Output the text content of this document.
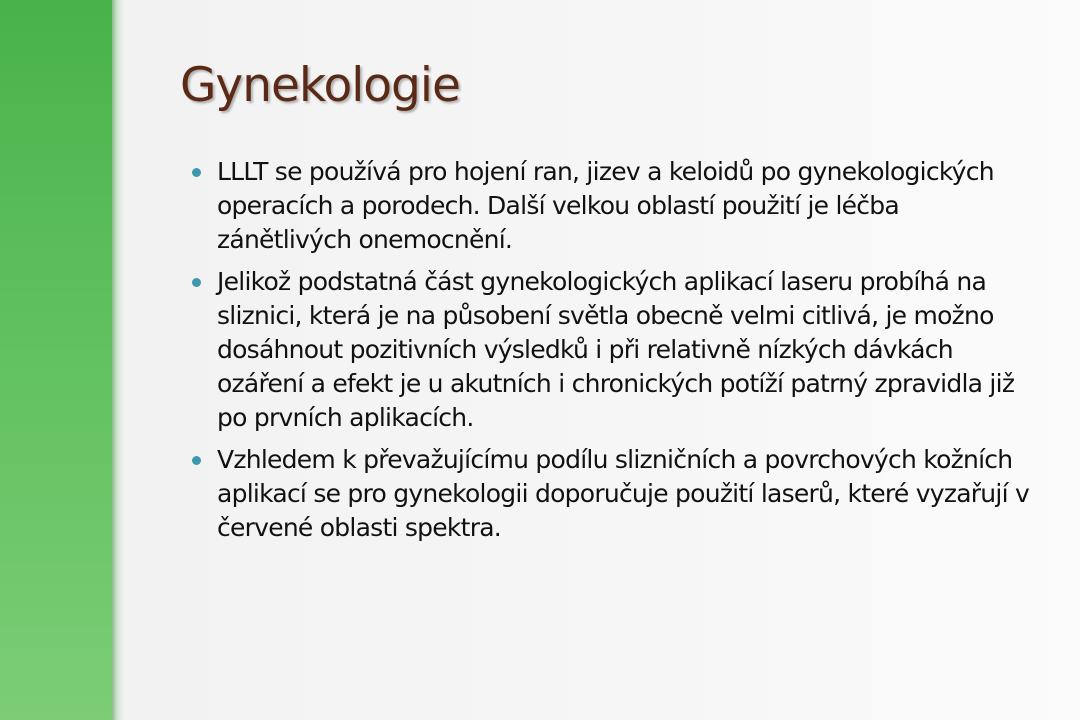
Gynekologie
LLLT se používá pro hojení ran, jizev a keloidů po gynekologických operacích a porodech. Další velkou oblastí použití je léčba zánětlivých onemocnění.
Jelikož podstatná část gynekologických aplikací laseru probíhá na sliznici, která je na působení světla obecně velmi citlivá, je možno dosáhnout pozitivních výsledků i při relativně nízkých dávkách ozáření a efekt je u akutních i chronických potíží patrný zpravidla již po prvních aplikacích.
Vzhledem k převažujícímu podílu slizničních a povrchových kožních aplikací se pro gynekologii doporučuje použití laserů, které vyzařují v červené oblasti spektra.
